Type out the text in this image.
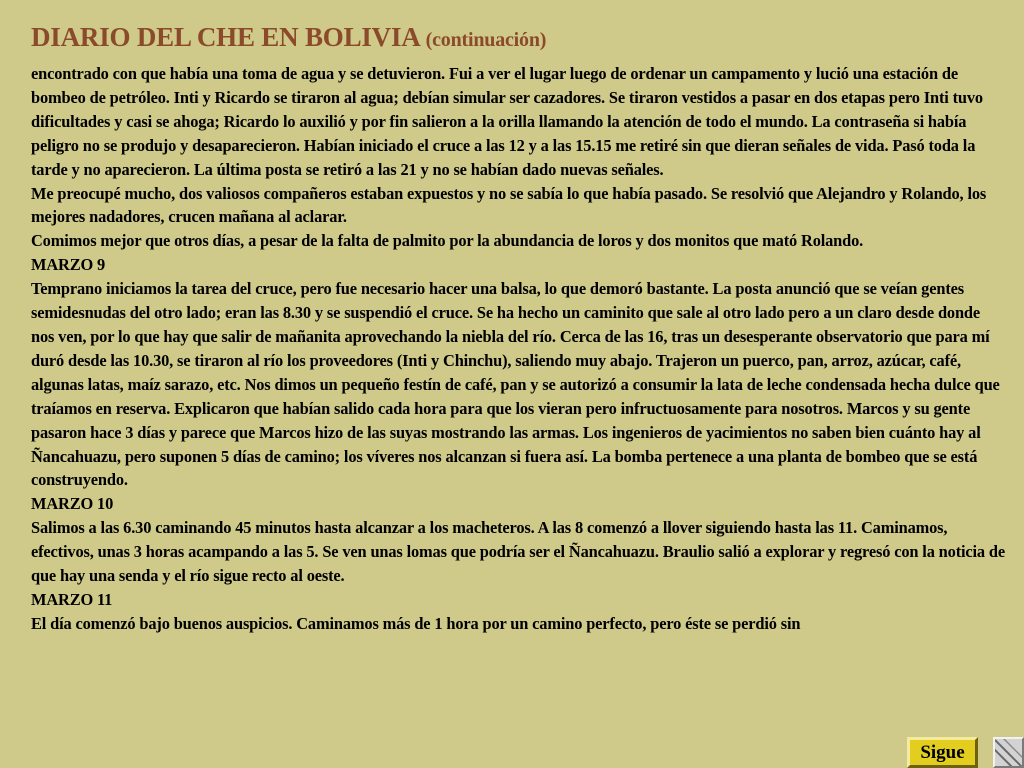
DIARIO DEL CHE EN BOLIVIA (continuación)

encontrado con que había una toma de agua y se detuvieron. Fui a ver el lugar luego de ordenar un campamento y lució una estación de bombeo de petróleo. Inti y Ricardo se tiraron al agua; debían simular ser cazadores. Se tiraron vestidos a pasar en dos etapas pero Inti tuvo dificultades y casi se ahoga; Ricardo lo auxilió y por fin salieron a la orilla llamando la atención de todo el mundo. La contraseña si había peligro no se produjo y desaparecieron. Habían iniciado el cruce a las 12 y a las 15.15 me retiré sin que dieran señales de vida. Pasó toda la tarde y no aparecieron. La última posta se retiró a las 21 y no se habían dado nuevas señales.

Me preocupé mucho, dos valiosos compañeros estaban expuestos y no se sabía lo que había pasado. Se resolvió que Alejandro y Rolando, los mejores nadadores, crucen mañana al aclarar.

Comimos mejor que otros días, a pesar de la falta de palmito por la abundancia de loros y dos monitos que mató Rolando.

MARZO 9

Temprano iniciamos la tarea del cruce, pero fue necesario hacer una balsa, lo que demoró bastante. La posta anunció que se veían gentes semidesnudas del otro lado; eran las 8.30 y se suspendió el cruce. Se ha hecho un caminito que sale al otro lado pero a un claro desde donde nos ven, por lo que hay que salir de mañanita aprovechando la niebla del río. Cerca de las 16, tras un desesperante observatorio que para mí duró desde las 10.30, se tiraron al río los proveedores (Inti y Chinchu), saliendo muy abajo. Trajeron un puerco, pan, arroz, azúcar, café, algunas latas, maíz sarazo, etc. Nos dimos un pequeño festín de café, pan y se autorizó a consumir la lata de leche condensada hecha dulce que traíamos en reserva. Explicaron que habían salido cada hora para que los vieran pero infructuosamente para nosotros. Marcos y su gente pasaron hace 3 días y parece que Marcos hizo de las suyas mostrando las armas. Los ingenieros de yacimientos no saben bien cuánto hay al Ñancahuazu, pero suponen 5 días de camino; los víveres nos alcanzan si fuera así. La bomba pertenece a una planta de bombeo que se está construyendo.

MARZO 10

Salimos a las 6.30 caminando 45 minutos hasta alcanzar a los macheteros. A las 8 comenzó a llover siguiendo hasta las 11. Caminamos, efectivos, unas 3 horas acampando a las 5. Se ven unas lomas que podría ser el Ñancahuazu. Braulio salió a explorar y regresó con la noticia de que hay una senda y el río sigue recto al oeste.

MARZO 11

El día comenzó bajo buenos auspicios. Caminamos más de 1 hora por un camino perfecto, pero éste se perdió sin

Sigue
